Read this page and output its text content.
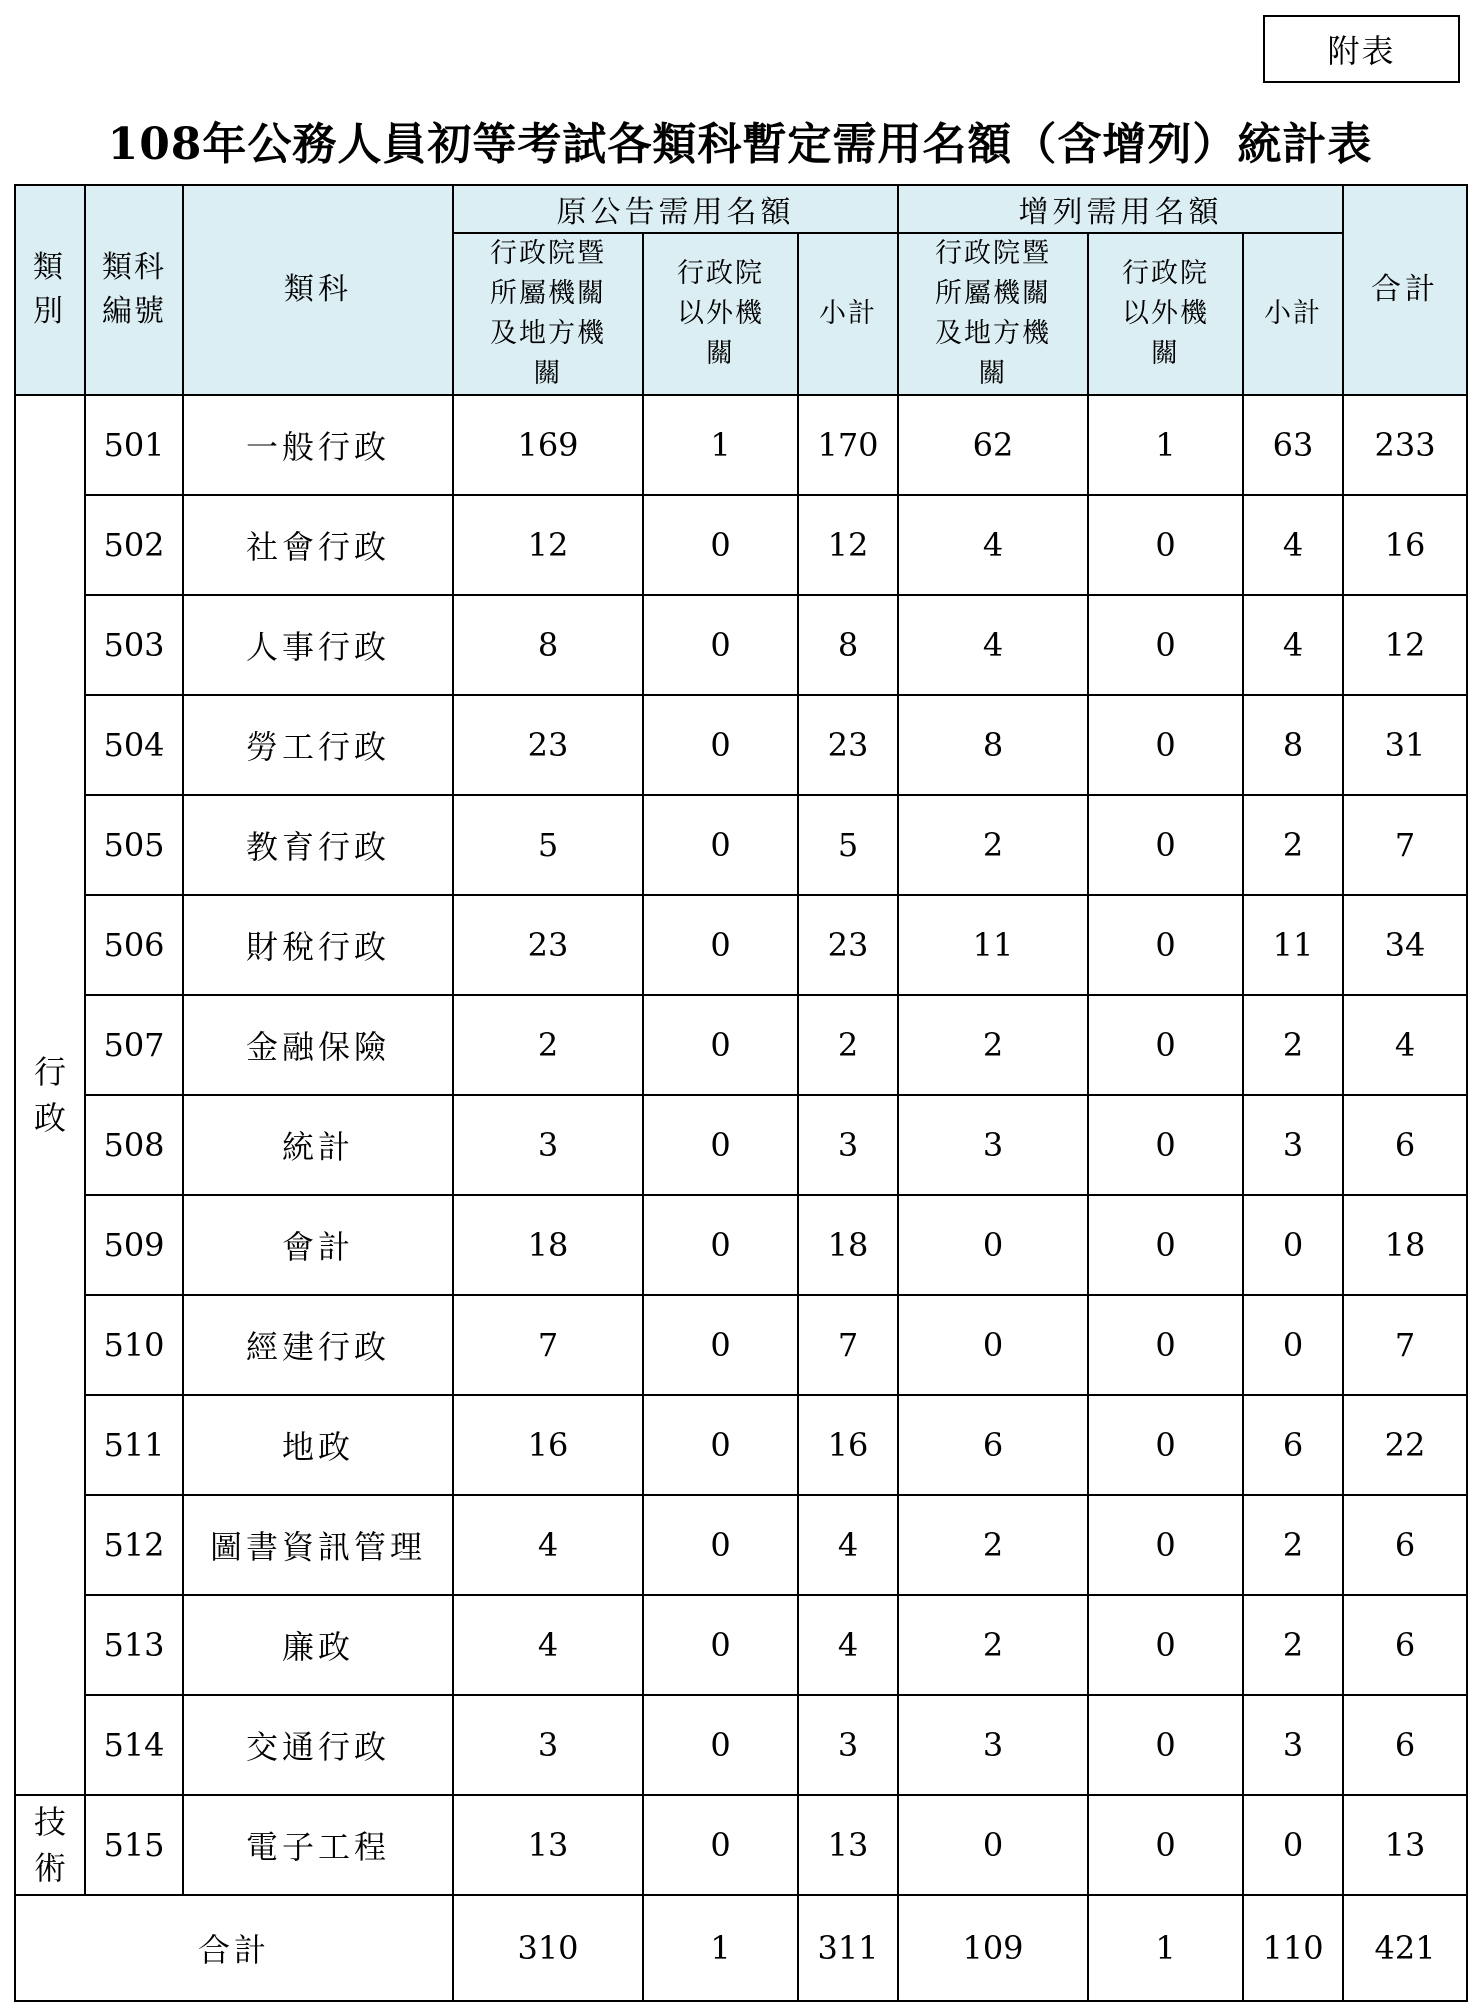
附表
108年公務人員初等考試各類科暫定需用名額（含增列）統計表
類別	類科編號	類科	原公告需用名額			增列需用名額			合計

			行政院暨所屬機關及地方機關	行政院以外機關	小計	行政院暨所屬機關及地方機關	行政院以外機關	小計	

行政	501	一般行政	169	1	170	62	1	63	233
	502	社會行政	12	0	12	4	0	4	16
	503	人事行政	8	0	8	4	0	4	12
	504	勞工行政	23	0	23	8	0	8	31
	505	教育行政	5	0	5	2	0	2	7
	506	財稅行政	23	0	23	11	0	11	34
	507	金融保險	2	0	2	2	0	2	4
	508	統計	3	0	3	3	0	3	6
	509	會計	18	0	18	0	0	0	18
	510	經建行政	7	0	7	0	0	0	7
	511	地政	16	0	16	6	0	6	22
	512	圖書資訊管理	4	0	4	2	0	2	6
	513	廉政	4	0	4	2	0	2	6
	514	交通行政	3	0	3	3	0	3	6

技術	515	電子工程	13	0	13	0	0	0	13
合計			310	1	311	109	1	110	421
